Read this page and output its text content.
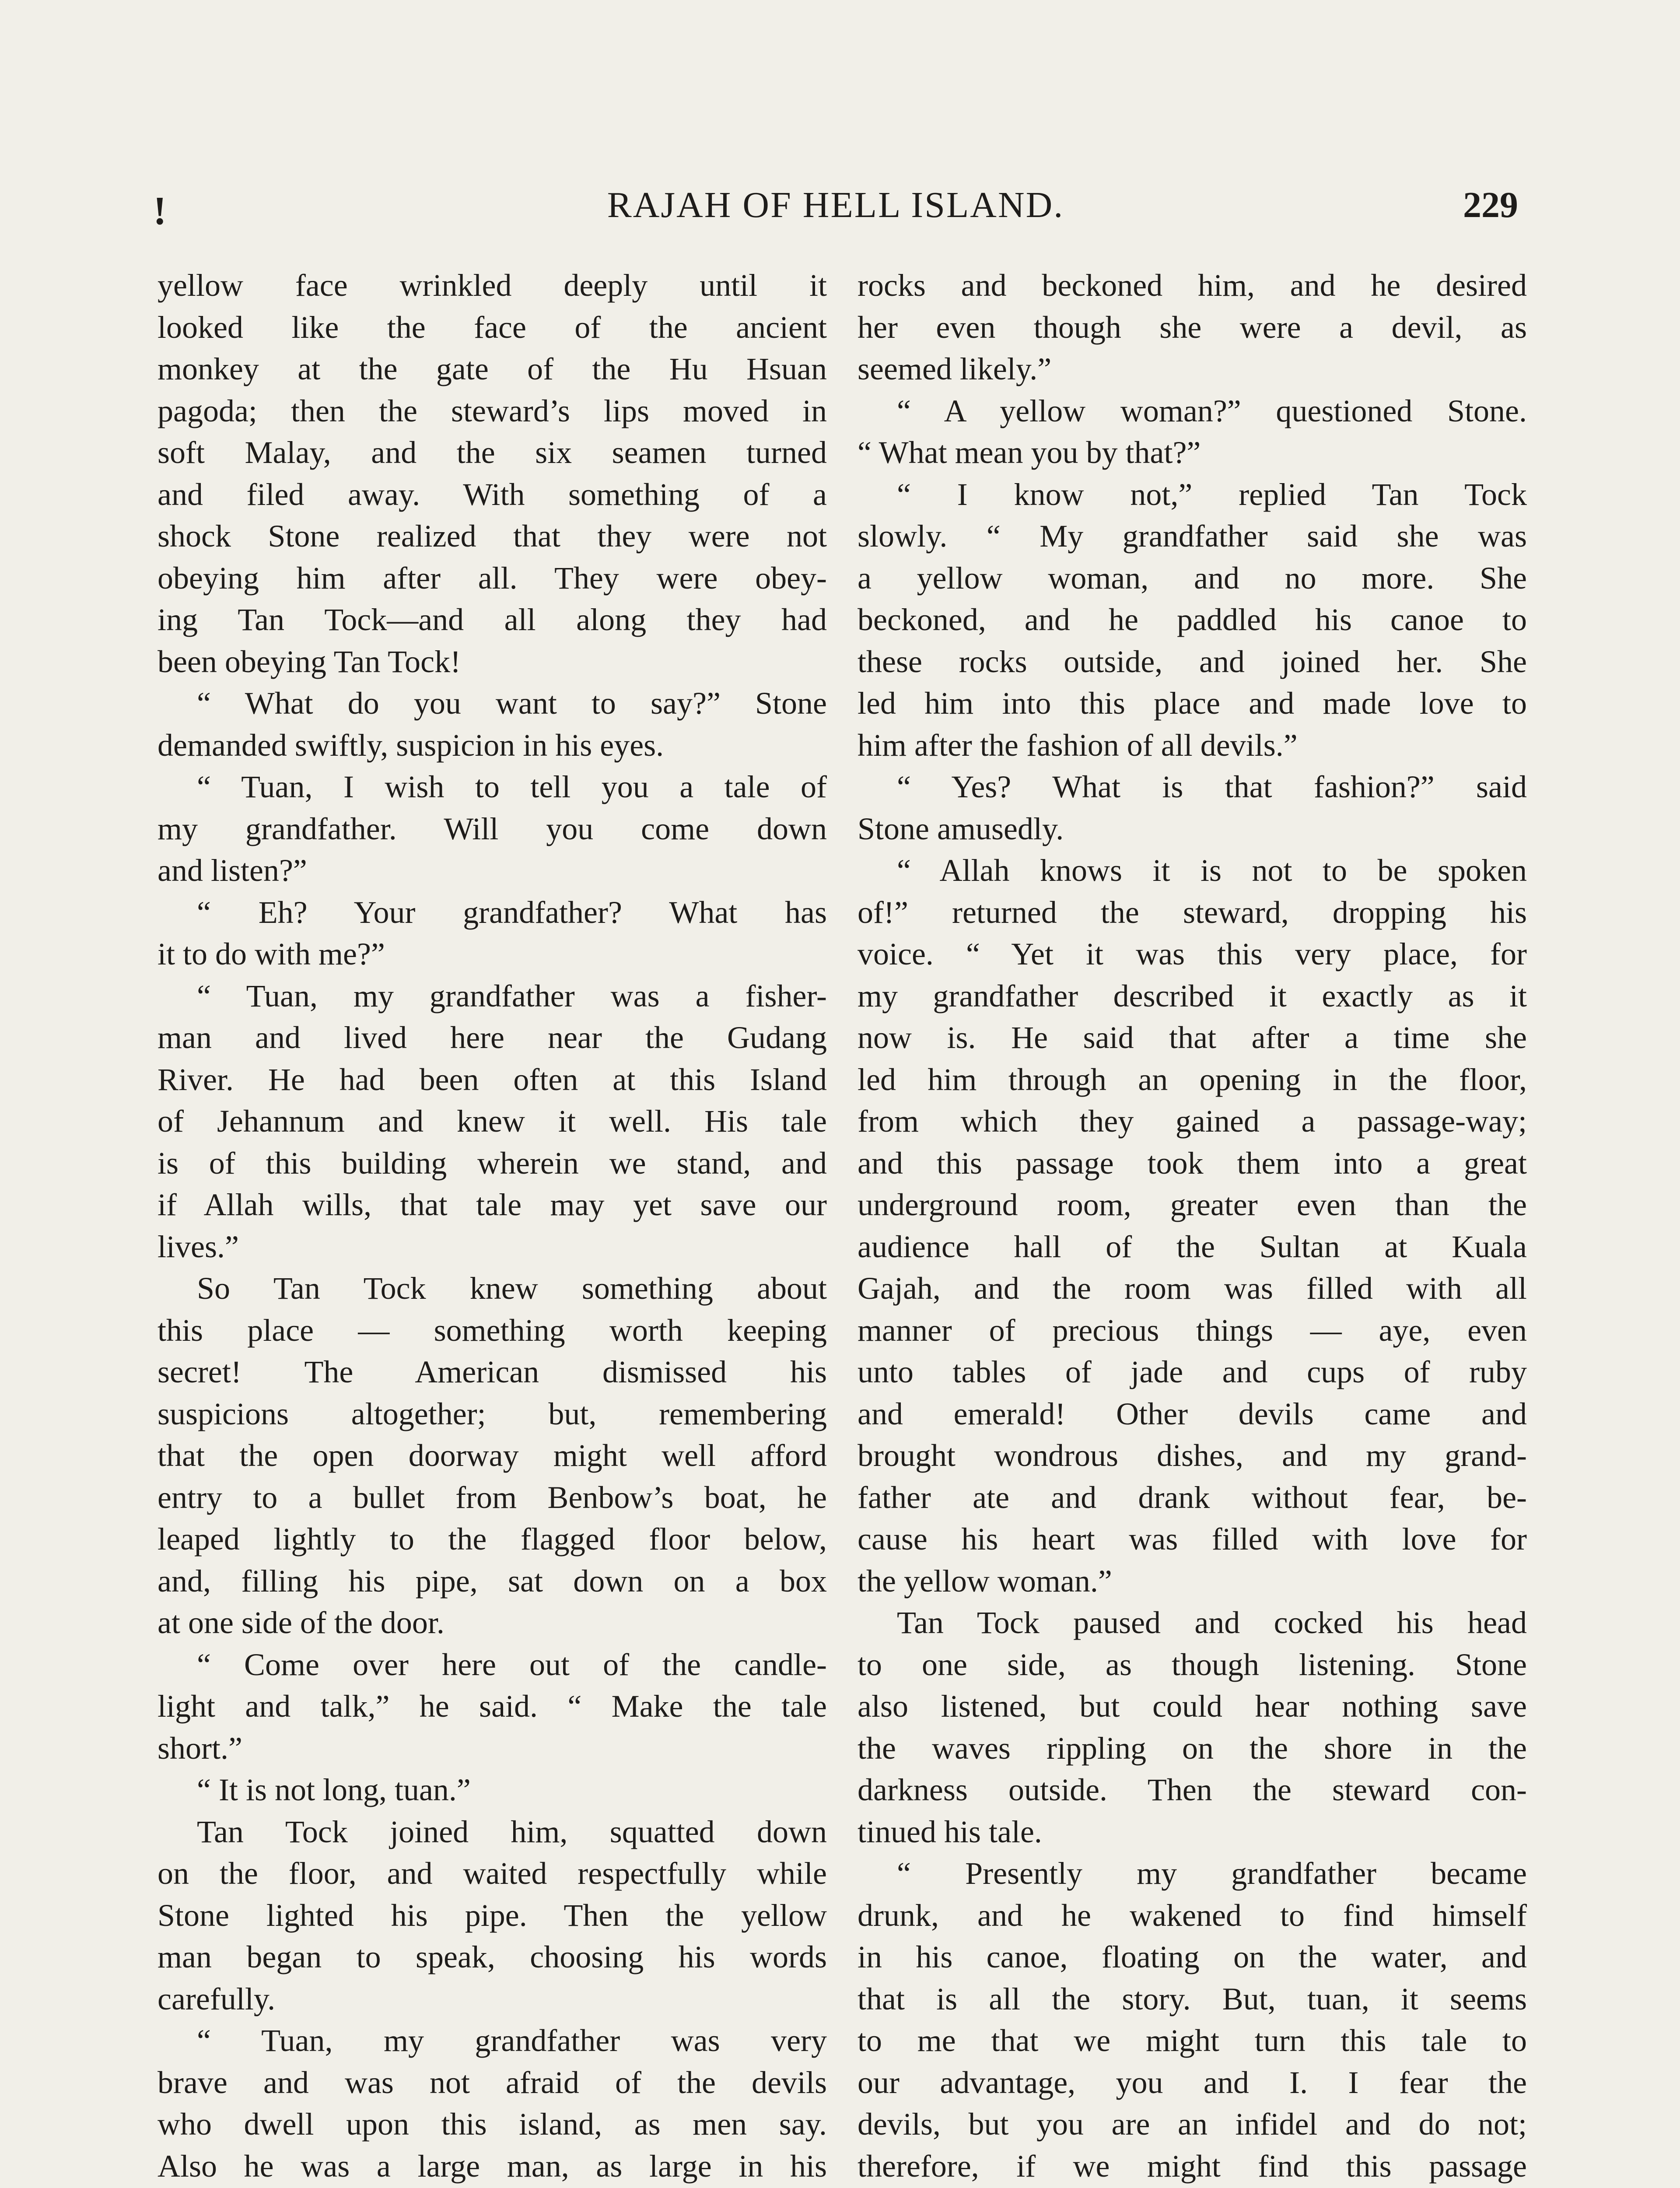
!	RAJAH OF HELL ISLAND.	229
yellow face wrinkled deeply until it
looked like the face of the ancient
monkey at the gate of the Hu Hsuan
pagoda; then the steward’s lips moved in
soft Malay, and the six seamen turned
and filed away. With something of a
shock Stone realized that they were not
obeying him after all. They were obey-
ing Tan Tock—and all along they had
been obeying Tan Tock!
“ What do you want to say?” Stone
demanded swiftly, suspicion in his eyes.
“ Tuan, I wish to tell you a tale of
my grandfather. Will you come down
and listen?”
“ Eh? Your grandfather? What has
it to do with me?”
“ Tuan, my grandfather was a fisher-
man and lived here near the Gudang
River. He had been often at this Island
of Jehannum and knew it well. His tale
is of this building wherein we stand, and
if Allah wills, that tale may yet save our
lives.”
So Tan Tock knew something about
this place — something worth keeping
secret! The American dismissed his
suspicions altogether; but, remembering
that the open doorway might well afford
entry to a bullet from Benbow’s boat, he
leaped lightly to the flagged floor below,
and, filling his pipe, sat down on a box
at one side of the door.
“ Come over here out of the candle-
light and talk,” he said. “ Make the tale
short.”
“ It is not long, tuan.”
Tan Tock joined him, squatted down
on the floor, and waited respectfully while
Stone lighted his pipe. Then the yellow
man began to speak, choosing his words
carefully.
“ Tuan, my grandfather was very
brave and was not afraid of the devils
who dwell upon this island, as men say.
Also he was a large man, as large in his
rocks and beckoned him, and he desired
her even though she were a devil, as
seemed likely.”
“ A yellow woman?” questioned Stone.
“ What mean you by that?”
“ I know not,” replied Tan Tock
slowly. “ My grandfather said she was
a yellow woman, and no more. She
beckoned, and he paddled his canoe to
these rocks outside, and joined her. She
led him into this place and made love to
him after the fashion of all devils.”
“ Yes? What is that fashion?” said
Stone amusedly.
“ Allah knows it is not to be spoken
of!” returned the steward, dropping his
voice. “ Yet it was this very place, for
my grandfather described it exactly as it
now is. He said that after a time she
led him through an opening in the floor,
from which they gained a passage-way;
and this passage took them into a great
underground room, greater even than the
audience hall of the Sultan at Kuala
Gajah, and the room was filled with all
manner of precious things — aye, even
unto tables of jade and cups of ruby
and emerald! Other devils came and
brought wondrous dishes, and my grand-
father ate and drank without fear, be-
cause his heart was filled with love for
the yellow woman.”
Tan Tock paused and cocked his head
to one side, as though listening. Stone
also listened, but could hear nothing save
the waves rippling on the shore in the
darkness outside. Then the steward con-
tinued his tale.
“ Presently my grandfather became
drunk, and he wakened to find himself
in his canoe, floating on the water, and
that is all the story. But, tuan, it seems
to me that we might turn this tale to
our advantage, you and I. I fear the
devils, but you are an infidel and do not;
therefore, if we might find this passage
